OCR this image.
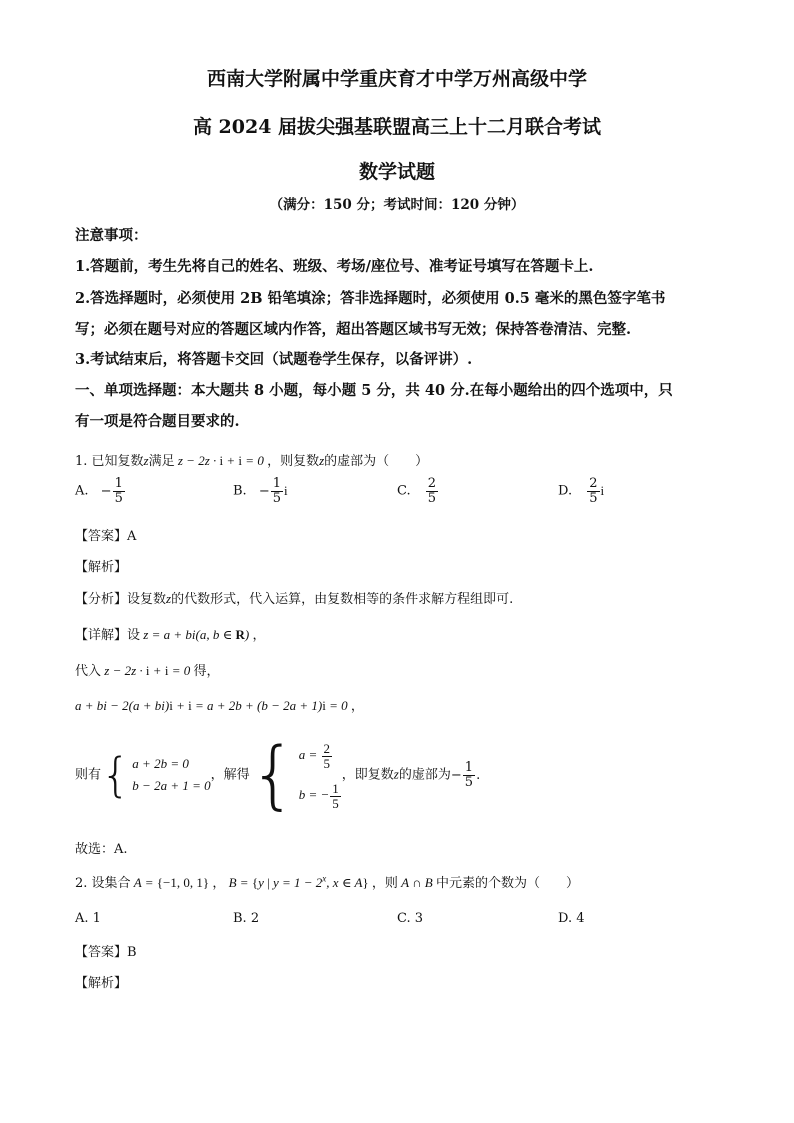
西南大学附属中学重庆育才中学万州高级中学
高 2024 届拔尖强基联盟高三上十二月联合考试
数学试题
（满分：150 分；考试时间：120 分钟）
注意事项：
1.答题前，考生先将自己的姓名、班级、考场/座位号、准考证号填写在答题卡上.
2.答选择题时，必须使用 2B 铅笔填涂；答非选择题时，必须使用 0.5 毫米的黑色签字笔书
写；必须在题号对应的答题区域内作答，超出答题区域书写无效；保持答卷清洁、完整.
3.考试结束后，将答题卡交回（试题卷学生保存，以备评讲）.
一、单项选择题：本大题共 8 小题，每小题 5 分，共 40 分.在每小题给出的四个选项中，只
有一项是符合题目要求的.
1. 已知复数z满足 z − 2z · i + i = 0 ，则复数z的虚部为（　　）
A. − $\frac{1}{5}$	B. − $\frac{1}{5}$ i	C. $\frac{2}{5}$	D. $\frac{2}{5}$ i
【答案】A
【解析】
【分析】设复数z的代数形式，代入运算，由复数相等的条件求解方程组即可.
【详解】设 z = a + bi(a, b ∈ R) ，
代入 z − 2z · i + i = 0 得，
a + bi − 2(a + bi)i + i = a + 2b + (b − 2a + 1)i = 0 ，
则有 { a + 2b = 0
b − 2a + 1 = 0
，解得 { $a = \frac{2}{5}$
b = − $\frac{1}{5}$
，即复数z的虚部为− $\frac{1}{5}$ .
故选：A.
2. 设集合 A = {−1, 0, 1} ， B = {y | $y = 1 - 2^x$, x ∈ A} ，则 A ∩ B 中元素的个数为（　　）
A. 1	B. 2	C. 3	D. 4
【答案】B
【解析】
